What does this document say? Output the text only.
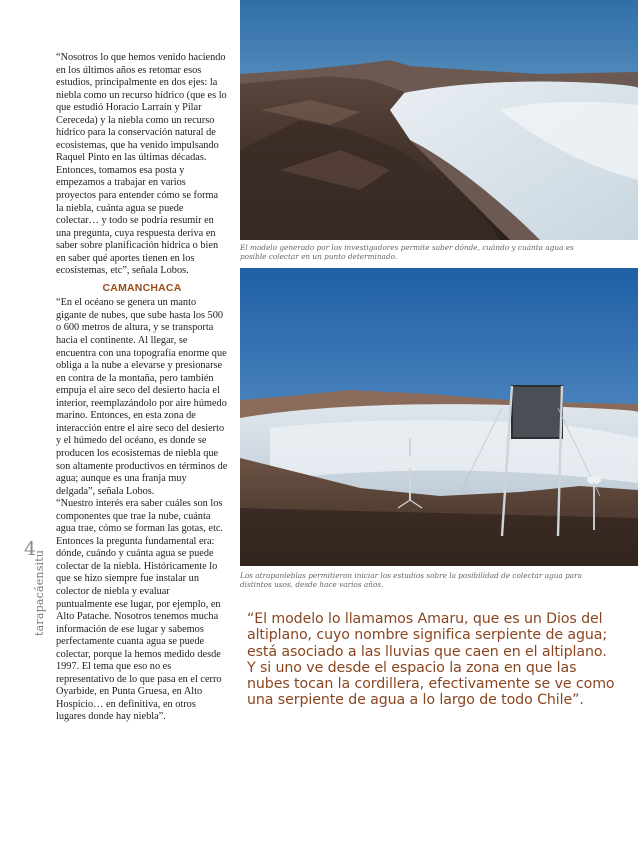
“Nosotros lo que hemos venido haciendo en los últimos años es retomar esos estudios, principalmente en dos ejes: la niebla como un recurso hídrico (que es lo que estudió Horacio Larraín y Pilar Cereceda) y la niebla como un recurso hídrico para la conservación natural de ecosistemas, que ha venido impulsando Raquel Pinto en las últimas décadas. Entonces, tomamos esa posta y empezamos a trabajar en varios proyectos para entender cómo se forma la niebla, cuánta agua se puede colectar… y todo se podría resumir en una pregunta, cuya respuesta deriva en saber sobre planificación hídrica o bien en saber qué aportes tienen en los ecosistemas, etc”, señala Lobos.

CAMANCHACA

“En el océano se genera un manto gigante de nubes, que sube hasta los 500 o 600 metros de altura, y se transporta hacia el continente. Al llegar, se encuentra con una topografía enorme que obliga a la nube a elevarse y presionarse en contra de la montaña, pero también empuja el aire seco del desierto hacia el interior, reemplazándolo por aire húmedo marino. Entonces, en esta zona de interacción entre el aire seco del desierto y el húmedo del océano, es donde se producen los ecosistemas de niebla que son altamente productivos en términos de agua; aunque es una franja muy delgada”, señala Lobos.

“Nuestro interés era saber cuáles son los componentes que trae la nube, cuánta agua trae, cómo se forman las gotas, etc. Entonces la pregunta fundamental era: dónde, cuándo y cuánta agua se puede colectar de la niebla. Históricamente lo que se hizo siempre fue instalar un colector de niebla y evaluar puntualmente ese lugar, por ejemplo, en Alto Patache. Nosotros tenemos mucha información de ese lugar y sabemos perfectamente cuanta agua se puede colectar, porque la hemos medido desde 1997. El tema que eso no es representativo de lo que pasa en el cerro Oyarbide, en Punta Gruesa, en Alto Hospicio… en definitiva, en otros lugares donde hay niebla”.

4
tarapacáensitu
El modelo generado por los investigadores permite saber dónde, cuándo y cuánta agua es posible colectar en un punto determinado.
Los atrapanieblas permitieron iniciar los estudios sobre la posibilidad de colectar agua para distintos usos, desde hace varios años.
“El modelo lo llamamos Amaru, que es un Dios del altiplano, cuyo nombre significa serpiente de agua; está asociado a las lluvias que caen en el altiplano. Y si uno ve desde el espacio la zona en que las nubes tocan la cordillera, efectivamente se ve como una serpiente de agua a lo largo de todo Chile”.
